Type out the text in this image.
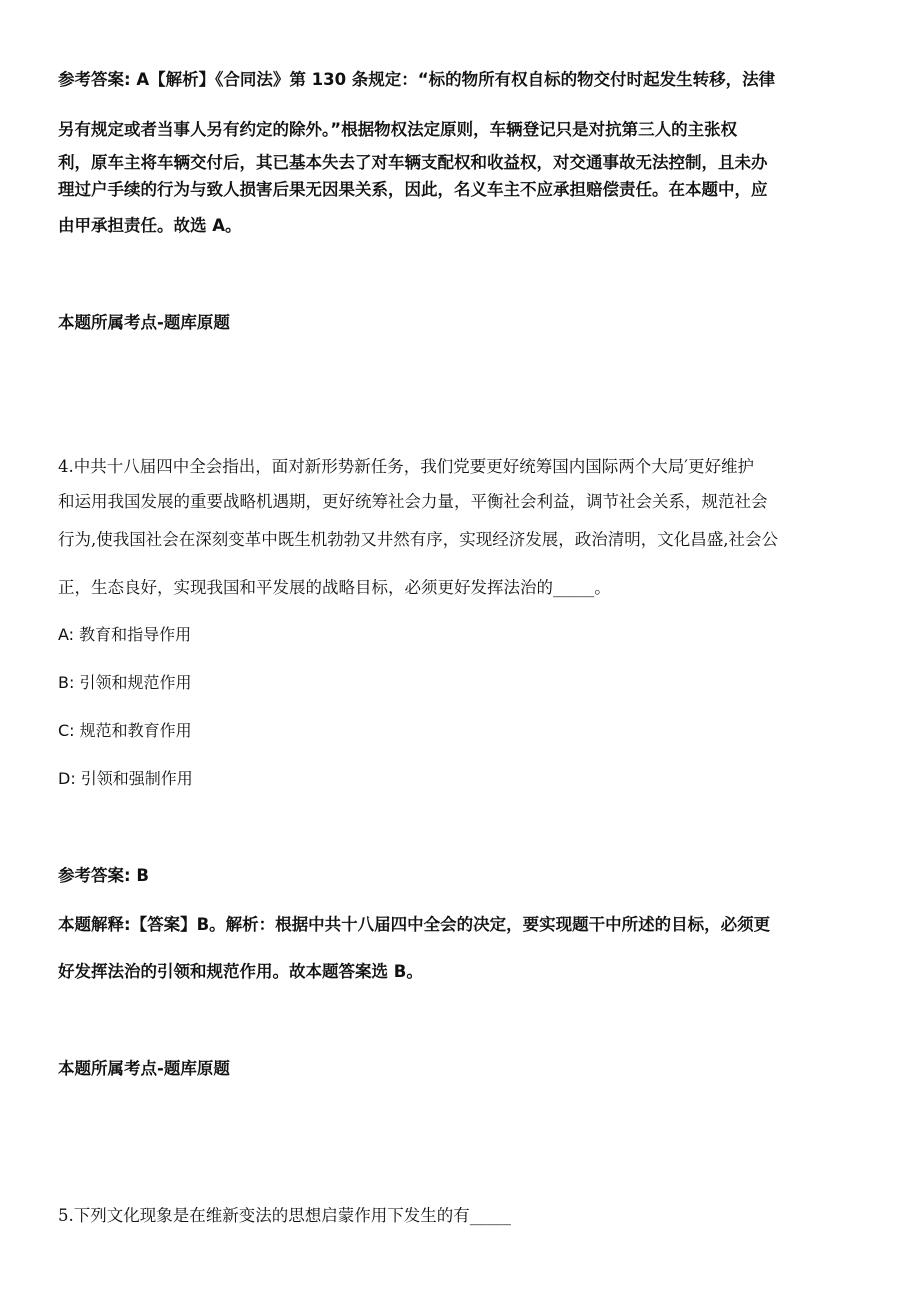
参考答案: A【解析】《合同法》第 130 条规定：“标的物所有权自标的物交付时起发生转移，法律
另有规定或者当事人另有约定的除外。”根据物权法定原则，车辆登记只是对抗第三人的主张权
利，原车主将车辆交付后，其已基本失去了对车辆支配权和收益权，对交通事故无法控制，且未办
理过户手续的行为与致人损害后果无因果关系，因此，名义车主不应承担赔偿责任。在本题中，应
由甲承担责任。故选 A。
本题所属考点-题库原题
4.中共十八届四中全会指出，面对新形势新任务，我们党要更好统筹国内国际两个大局′更好维护
和运用我国发展的重要战略机遇期，更好统筹社会力量，平衡社会利益，调节社会关系，规范社会
行为,使我国社会在深刻变革中既生机勃勃又井然有序，实现经济发展，政治清明，文化昌盛,社会公
正，生态良好，实现我国和平发展的战略目标，必须更好发挥法治的_____。
A: 教育和指导作用
B: 引领和规范作用
C: 规范和教育作用
D: 引领和强制作用
参考答案: B
本题解释:【答案】B。解析：根据中共十八届四中全会的决定，要实现题干中所述的目标，必须更
好发挥法治的引领和规范作用。故本题答案选 B。
本题所属考点-题库原题
5.下列文化现象是在维新变法的思想启蒙作用下发生的有_____
